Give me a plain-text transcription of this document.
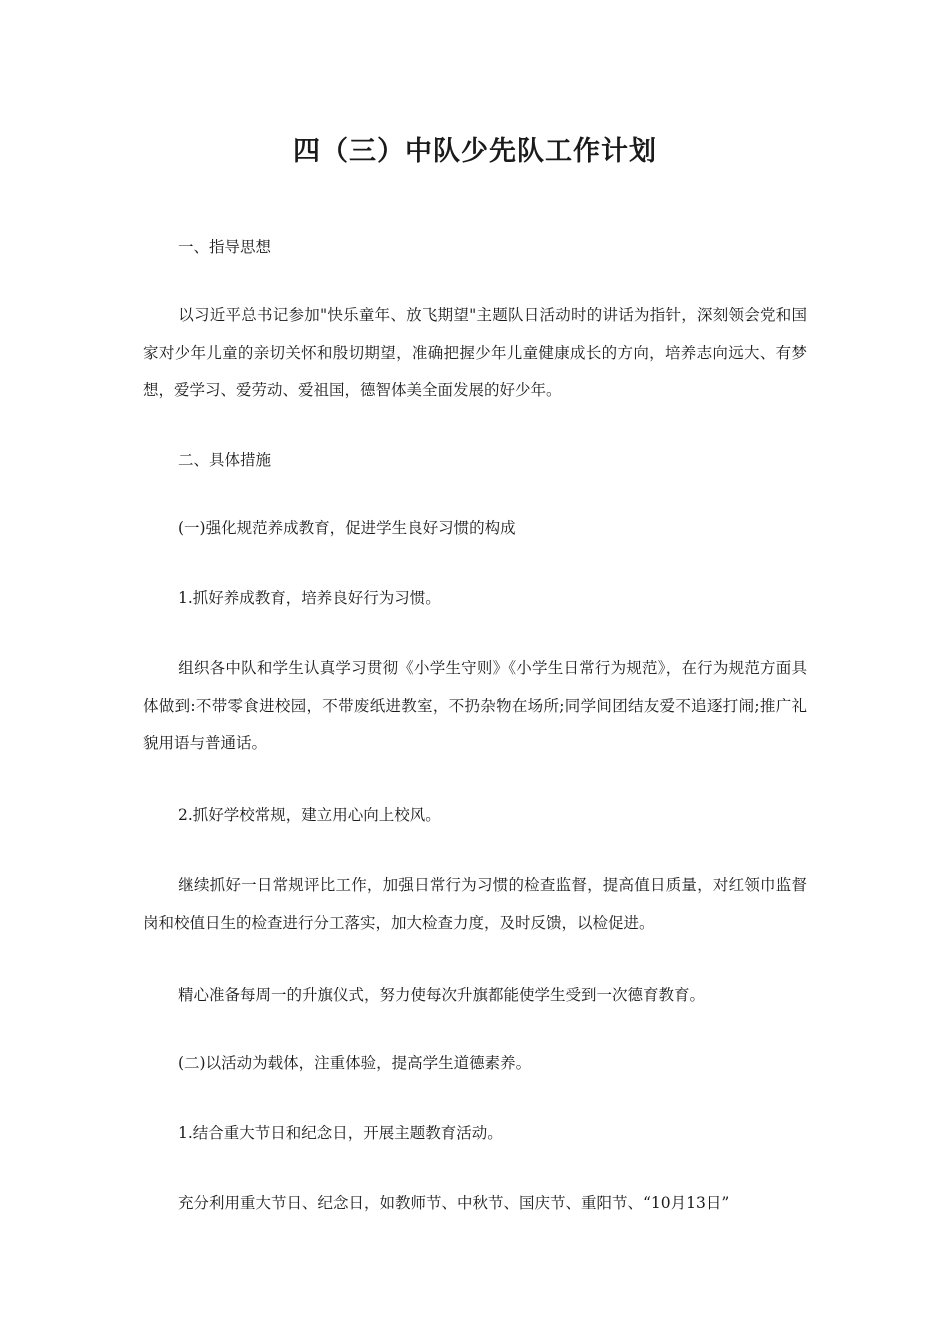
四（三）中队少先队工作计划
一、指导思想
以习近平总书记参加"快乐童年、放飞期望"主题队日活动时的讲话为指针，深刻领会党和国家对少年儿童的亲切关怀和殷切期望，准确把握少年儿童健康成长的方向，培养志向远大、有梦想，爱学习、爱劳动、爱祖国，德智体美全面发展的好少年。
二、具体措施
(一)强化规范养成教育，促进学生良好习惯的构成
1.抓好养成教育，培养良好行为习惯。
组织各中队和学生认真学习贯彻《小学生守则》《小学生日常行为规范》，在行为规范方面具体做到:不带零食进校园，不带废纸进教室，不扔杂物在场所;同学间团结友爱不追逐打闹;推广礼貌用语与普通话。
2.抓好学校常规，建立用心向上校风。
继续抓好一日常规评比工作，加强日常行为习惯的检查监督，提高值日质量，对红领巾监督岗和校值日生的检查进行分工落实，加大检查力度，及时反馈，以检促进。
精心准备每周一的升旗仪式，努力使每次升旗都能使学生受到一次德育教育。
(二)以活动为载体，注重体验，提高学生道德素养。
1.结合重大节日和纪念日，开展主题教育活动。
充分利用重大节日、纪念日，如教师节、中秋节、国庆节、重阳节、“10月13日”
